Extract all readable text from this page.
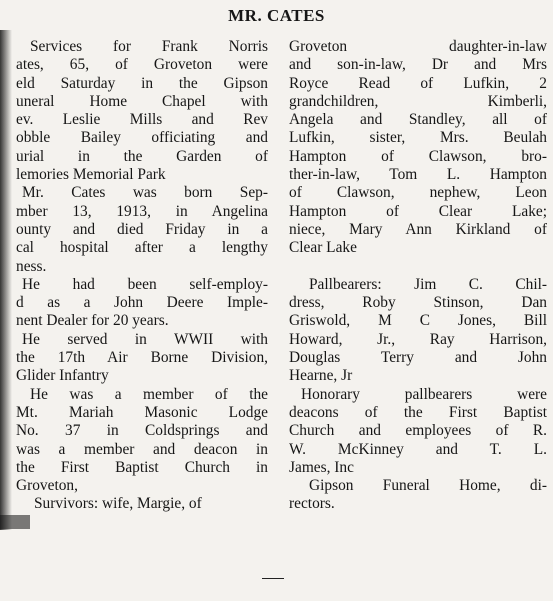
MR. CATES
Services for Frank Norris
ates, 65, of Groveton were
eld Saturday in the Gipson
uneral Home Chapel with
ev. Leslie Mills and Rev
obble Bailey officiating and
urial in the Garden of
lemories Memorial Park
Mr. Cates was born Sep-
mber 13, 1913, in Angelina
ounty and died Friday in a
cal hospital after a lengthy
ness.
He had been self-employ-
d as a John Deere Imple-
nent Dealer for 20 years.
He served in WWII with
the 17th Air Borne Division,
Glider Infantry
He was a member of the
Mt. Mariah Masonic Lodge
No. 37 in Coldsprings and
was a member and deacon in
the First Baptist Church in
Groveton,
Survivors: wife, Margie, of
Groveton daughter-in-law
and son-in-law, Dr and Mrs
Royce Read of Lufkin, 2
grandchildren, Kimberli,
Angela and Standley, all of
Lufkin, sister, Mrs. Beulah
Hampton of Clawson, bro-
ther-in-law, Tom L. Hampton
of Clawson, nephew, Leon
Hampton of Clear Lake;
niece, Mary Ann Kirkland of
Clear Lake
Pallbearers: Jim C. Chil-
dress, Roby Stinson, Dan
Griswold, M C Jones, Bill
Howard, Jr., Ray Harrison,
Douglas Terry and John
Hearne, Jr
Honorary pallbearers were
deacons of the First Baptist
Church and employees of R.
W. McKinney and T. L.
James, Inc
Gipson Funeral Home, di-
rectors.
